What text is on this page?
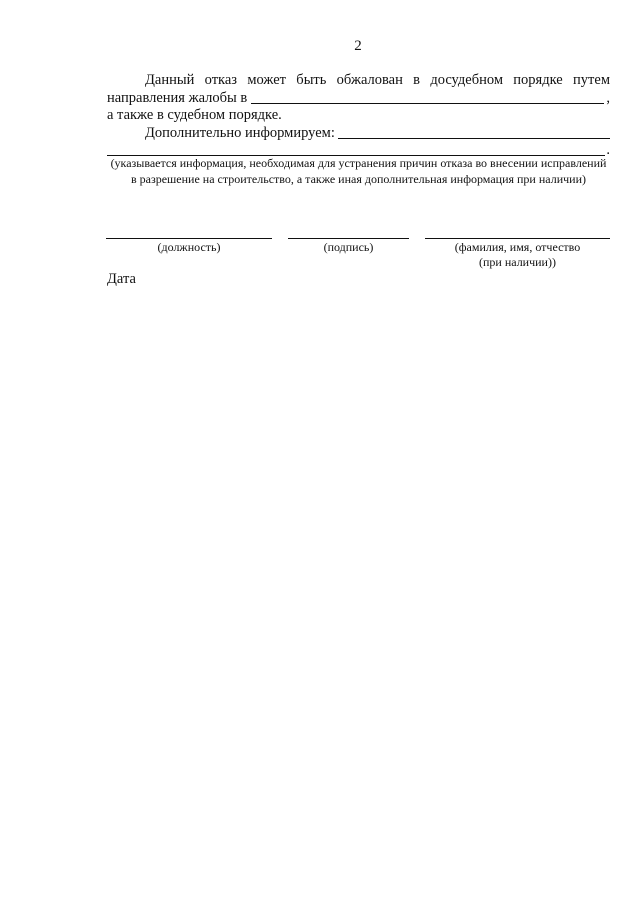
2
Данный отказ может быть обжалован в досудебном порядке путем
направления жалобы в	,
а также в судебном порядке.
Дополнительно информируем:
.
(указывается информация, необходимая для устранения причин отказа во внесении исправлений в разрешение на строительство, а также иная дополнительная информация при наличии)
(должность)	(подпись)	(фамилия, имя, отчество
(при наличии))
Дата
